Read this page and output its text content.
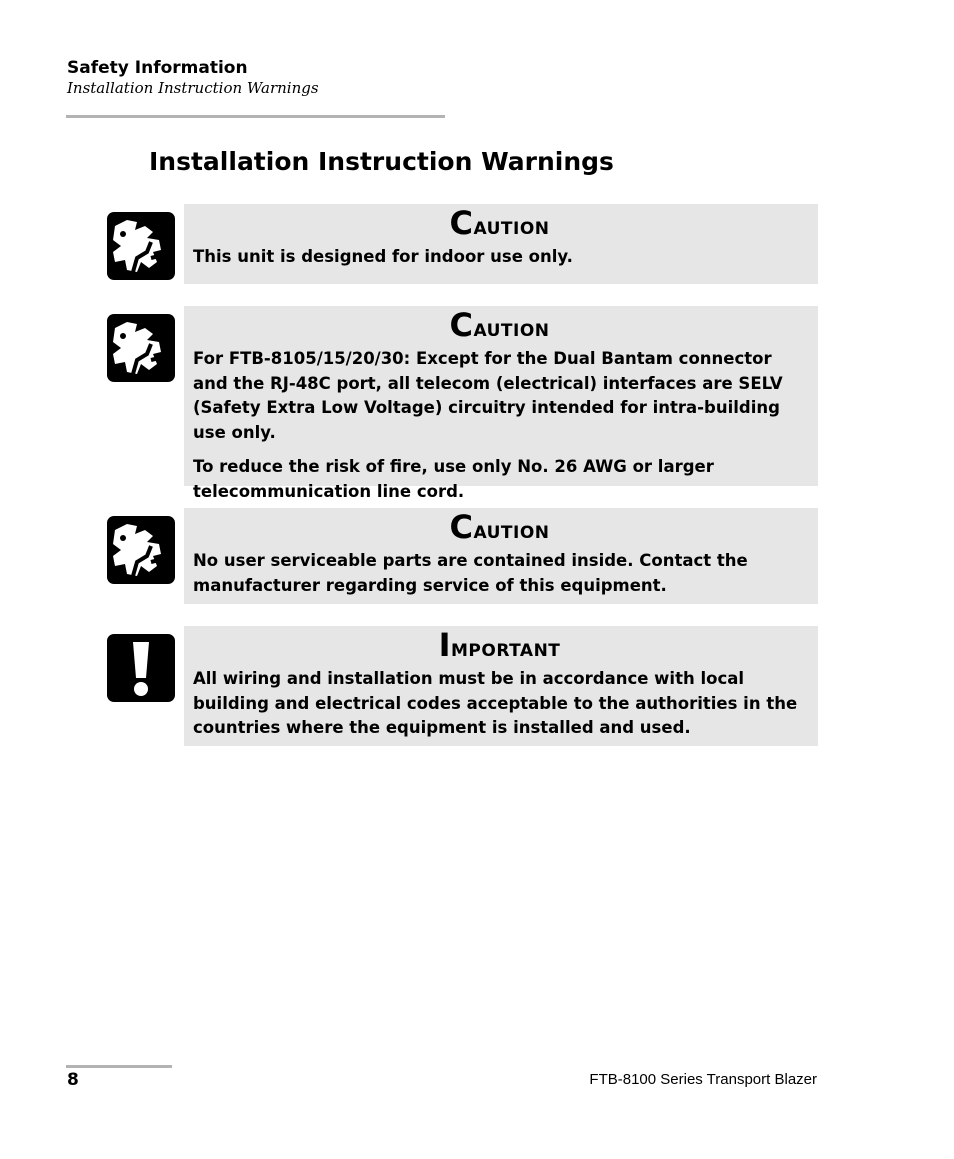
Safety Information
Installation Instruction Warnings
Installation Instruction Warnings
Caution

This unit is designed for indoor use only.

Caution

For FTB-8105/15/20/30: Except for the Dual Bantam connector and the RJ-48C port, all telecom (electrical) interfaces are SELV (Safety Extra Low Voltage) circuitry intended for intra-building use only.

To reduce the risk of fire, use only No. 26 AWG or larger telecommunication line cord.

Caution

No user serviceable parts are contained inside. Contact the manufacturer regarding service of this equipment.

Important

All wiring and installation must be in accordance with local building and electrical codes acceptable to the authorities in the countries where the equipment is installed and used.

8	FTB-8100 Series Transport Blazer
